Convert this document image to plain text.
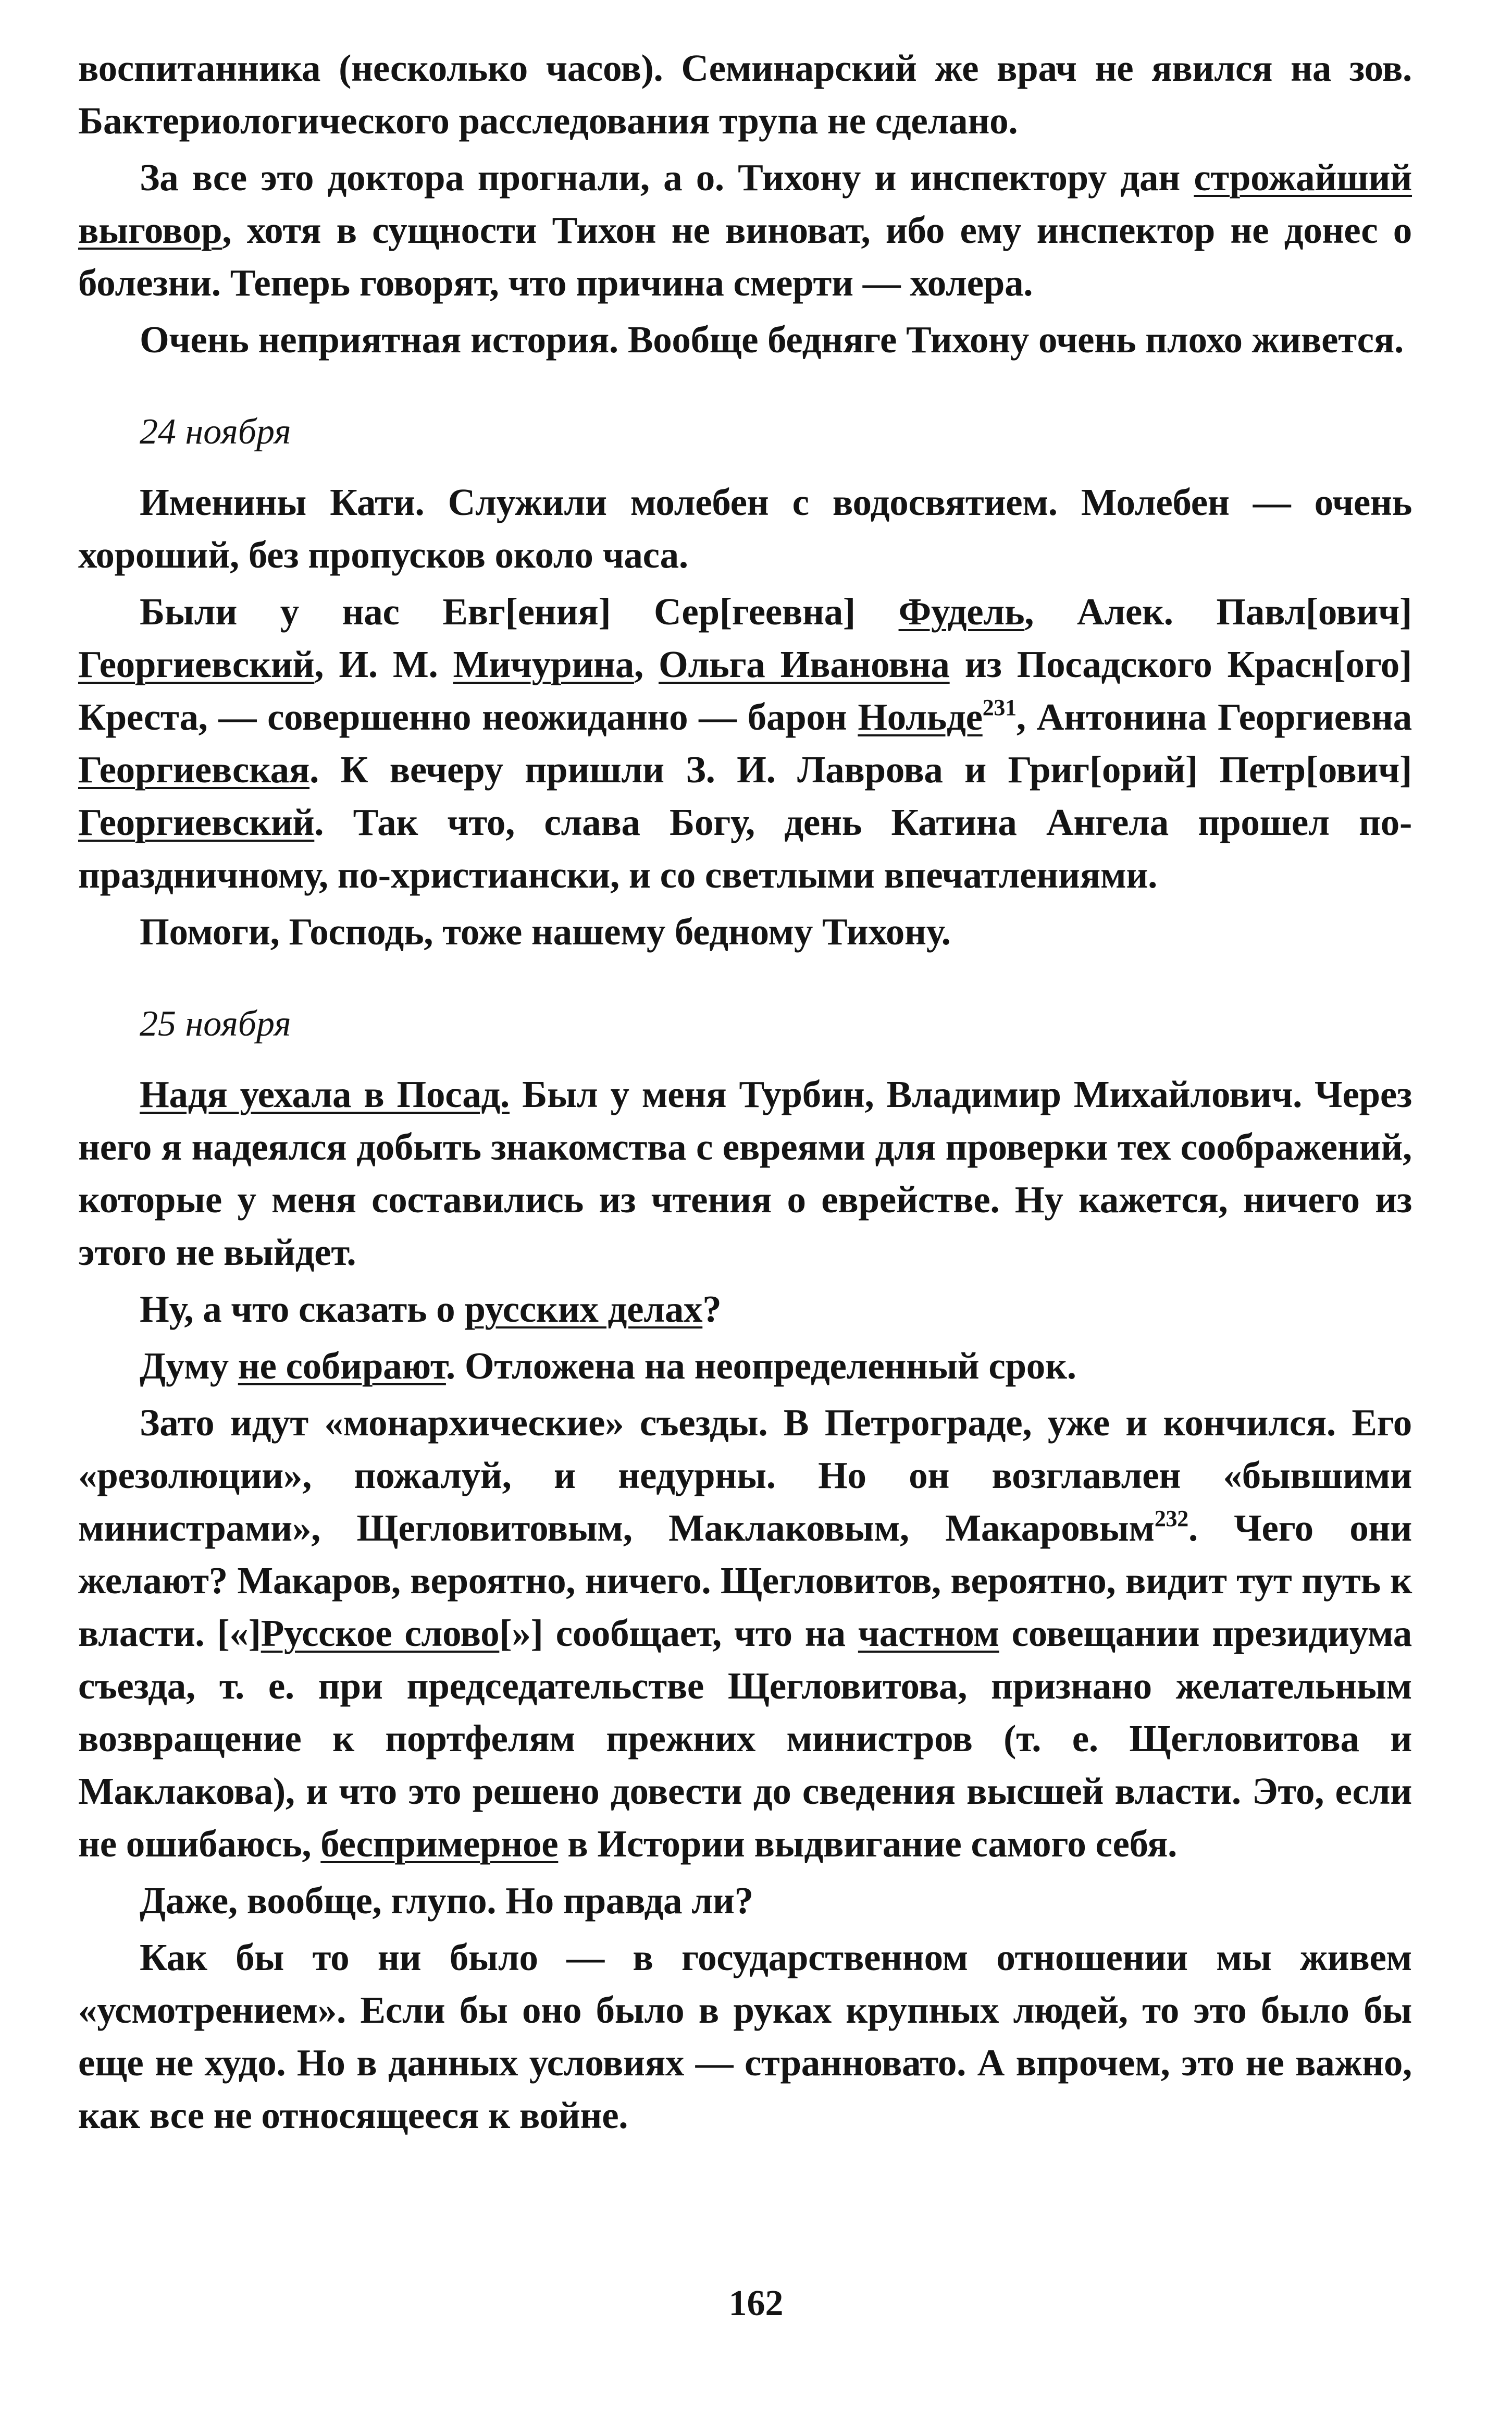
воспитанника (несколько часов). Семинарский же врач не явился на зов. Бактериологического расследования трупа не сделано.

За все это доктора прогнали, а о. Тихону и инспектору дан строжайший выговор, хотя в сущности Тихон не виноват, ибо ему инспектор не донес о болезни. Теперь говорят, что причина смерти — холера.

Очень неприятная история. Вообще бедняге Тихону очень плохо живется.

24 ноября

Именины Кати. Служили молебен с водосвятием. Молебен — очень хороший, без пропусков около часа.

Были у нас Евг[ения] Сер[геевна] Фудель, Алек. Павл[ович] Георгиевский, И. М. Мичурина, Ольга Ивановна из Посадского Красн[ого] Креста, — совершенно неожиданно — барон Нольде$^{231}$, Антонина Георгиевна Георгиевская. К вечеру пришли З. И. Лаврова и Григ[орий] Петр[ович] Георгиевский. Так что, слава Богу, день Катина Ангела прошел по-праздничному, по-христиански, и со светлыми впечатлениями.

Помоги, Господь, тоже нашему бедному Тихону.

25 ноября

Надя уехала в Посад. Был у меня Турбин, Владимир Михайлович. Через него я надеялся добыть знакомства с евреями для проверки тех соображений, которые у меня составились из чтения о еврействе. Ну кажется, ничего из этого не выйдет.

Ну, а что сказать о русских делах?

Думу не собирают. Отложена на неопределенный срок.

Зато идут «монархические» съезды. В Петрограде, уже и кончился. Его «резолюции», пожалуй, и недурны. Но он возглавлен «бывшими министрами», Щегловитовым, Маклаковым, Макаровым$^{232}$. Чего они желают? Макаров, вероятно, ничего. Щегловитов, вероятно, видит тут путь к власти. [«]Русское слово[»] сообщает, что на частном совещании президиума съезда, т. е. при председательстве Щегловитова, признано желательным возвращение к портфелям прежних министров (т. е. Щегловитова и Маклакова), и что это решено довести до сведения высшей власти. Это, если не ошибаюсь, беспримерное в Истории выдвигание самого себя.

Даже, вообще, глупо. Но правда ли?

Как бы то ни было — в государственном отношении мы живем «усмотрением». Если бы оно было в руках крупных людей, то это было бы еще не худо. Но в данных условиях — странновато. А впрочем, это не важно, как все не относящееся к войне.

162
